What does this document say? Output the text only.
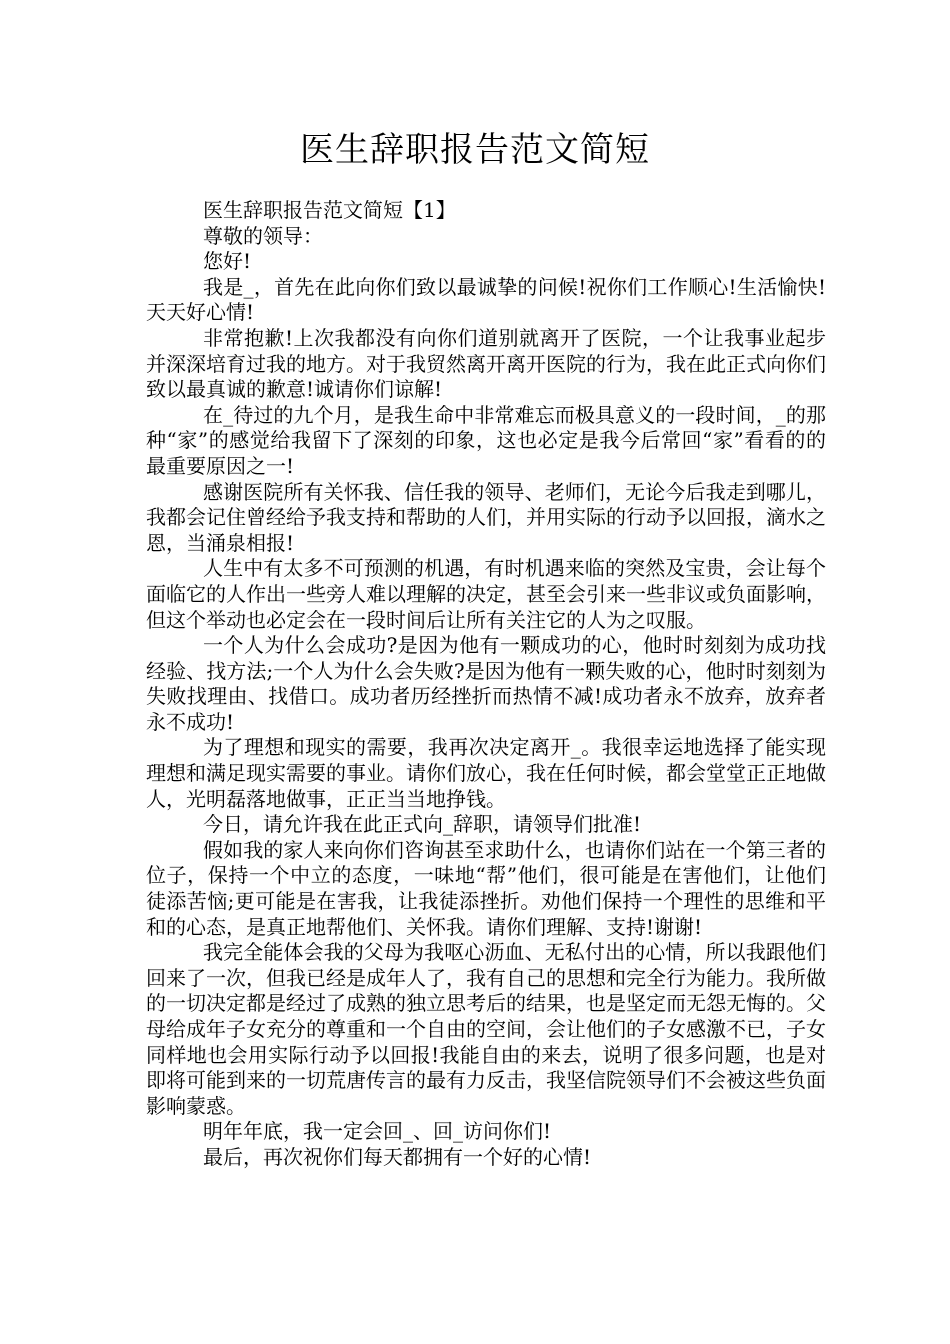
医生辞职报告范文简短

医生辞职报告范文简短【1】

尊敬的领导：

您好!

我是_，首先在此向你们致以最诚挚的问候!祝你们工作顺心!生活愉快!天天好心情!

非常抱歉!上次我都没有向你们道别就离开了医院，一个让我事业起步并深深培育过我的地方。对于我贸然离开离开医院的行为，我在此正式向你们致以最真诚的歉意!诚请你们谅解!

在_待过的九个月，是我生命中非常难忘而极具意义的一段时间，_的那种“家”的感觉给我留下了深刻的印象，这也必定是我今后常回“家”看看的的最重要原因之一!

感谢医院所有关怀我、信任我的领导、老师们，无论今后我走到哪儿，我都会记住曾经给予我支持和帮助的人们，并用实际的行动予以回报，滴水之恩，当涌泉相报!

人生中有太多不可预测的机遇，有时机遇来临的突然及宝贵，会让每个面临它的人作出一些旁人难以理解的决定，甚至会引来一些非议或负面影响，但这个举动也必定会在一段时间后让所有关注它的人为之叹服。

一个人为什么会成功?是因为他有一颗成功的心，他时时刻刻为成功找经验、找方法;一个人为什么会失败?是因为他有一颗失败的心，他时时刻刻为失败找理由、找借口。成功者历经挫折而热情不减!成功者永不放弃，放弃者永不成功!

为了理想和现实的需要，我再次决定离开_。我很幸运地选择了能实现理想和满足现实需要的事业。请你们放心，我在任何时候，都会堂堂正正地做人，光明磊落地做事，正正当当地挣钱。

今日，请允许我在此正式向_辞职，请领导们批准!

假如我的家人来向你们咨询甚至求助什么，也请你们站在一个第三者的位子，保持一个中立的态度，一味地“帮”他们，很可能是在害他们，让他们徒添苦恼;更可能是在害我，让我徒添挫折。劝他们保持一个理性的思维和平和的心态，是真正地帮他们、关怀我。请你们理解、支持!谢谢!

我完全能体会我的父母为我呕心沥血、无私付出的心情，所以我跟他们回来了一次，但我已经是成年人了，我有自己的思想和完全行为能力。我所做的一切决定都是经过了成熟的独立思考后的结果，也是坚定而无怨无悔的。父母给成年子女充分的尊重和一个自由的空间，会让他们的子女感激不已，子女同样地也会用实际行动予以回报!我能自由的来去，说明了很多问题，也是对即将可能到来的一切荒唐传言的最有力反击，我坚信院领导们不会被这些负面影响蒙惑。

明年年底，我一定会回_、回_访问你们!

最后，再次祝你们每天都拥有一个好的心情!
